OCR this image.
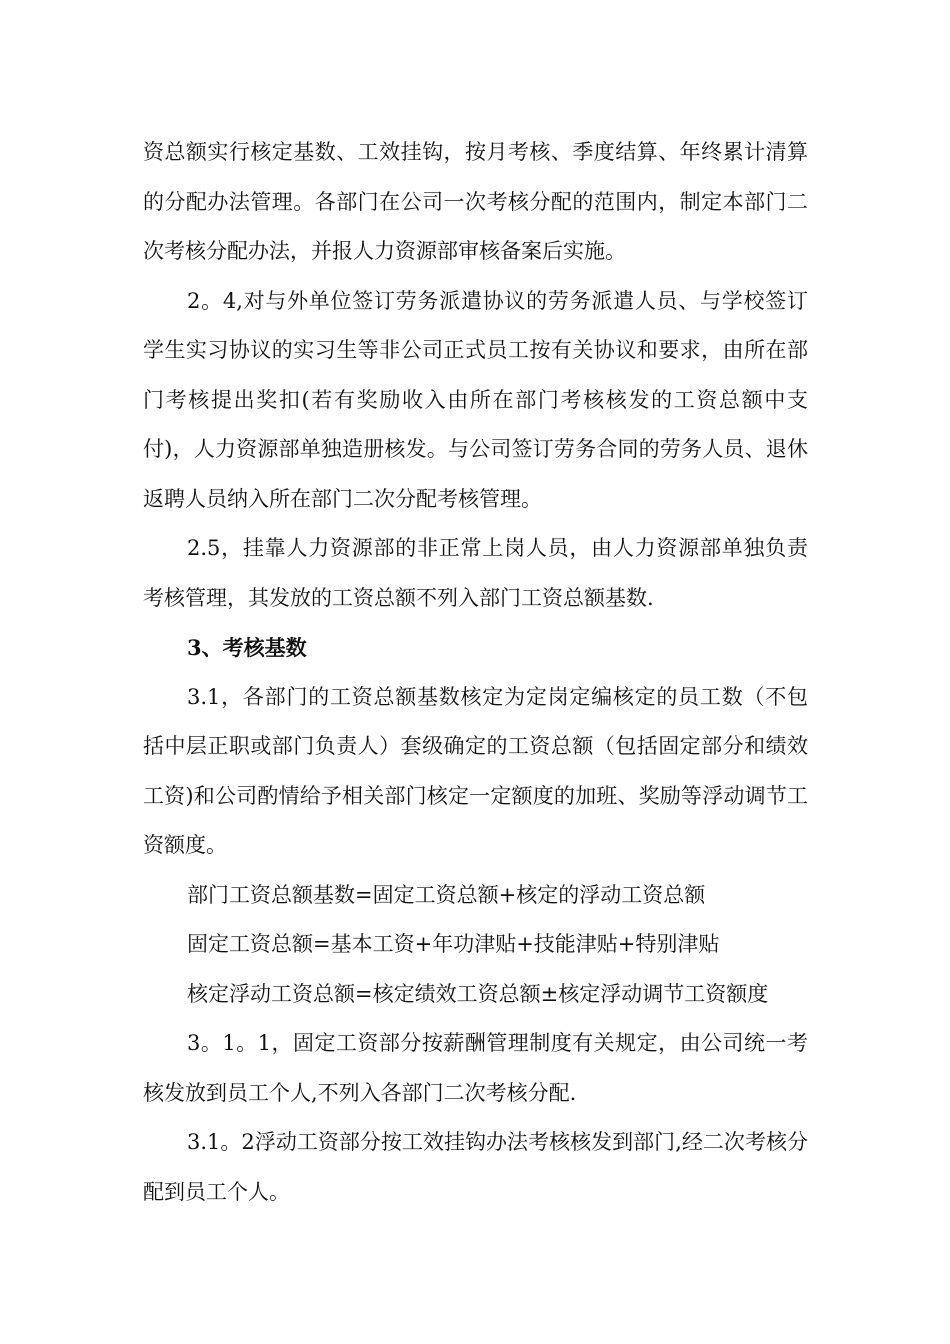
资总额实行核定基数、工效挂钩，按月考核、季度结算、年终累计清算的分配办法管理。各部门在公司一次考核分配的范围内，制定本部门二次考核分配办法，并报人力资源部审核备案后实施。

2。4,对与外单位签订劳务派遣协议的劳务派遣人员、与学校签订学生实习协议的实习生等非公司正式员工按有关协议和要求，由所在部门考核提出奖扣(若有奖励收入由所在部门考核核发的工资总额中支付)，人力资源部单独造册核发。与公司签订劳务合同的劳务人员、退休返聘人员纳入所在部门二次分配考核管理。

2.5，挂靠人力资源部的非正常上岗人员，由人力资源部单独负责考核管理，其发放的工资总额不列入部门工资总额基数.

3、考核基数

3.1，各部门的工资总额基数核定为定岗定编核定的员工数（不包括中层正职或部门负责人）套级确定的工资总额（包括固定部分和绩效工资)和公司酌情给予相关部门核定一定额度的加班、奖励等浮动调节工资额度。

部门工资总额基数=固定工资总额+核定的浮动工资总额

固定工资总额=基本工资+年功津贴+技能津贴+特别津贴

核定浮动工资总额=核定绩效工资总额±核定浮动调节工资额度

3。1。1，固定工资部分按薪酬管理制度有关规定，由公司统一考核发放到员工个人,不列入各部门二次考核分配.

3.1。2浮动工资部分按工效挂钩办法考核核发到部门,经二次考核分配到员工个人。
